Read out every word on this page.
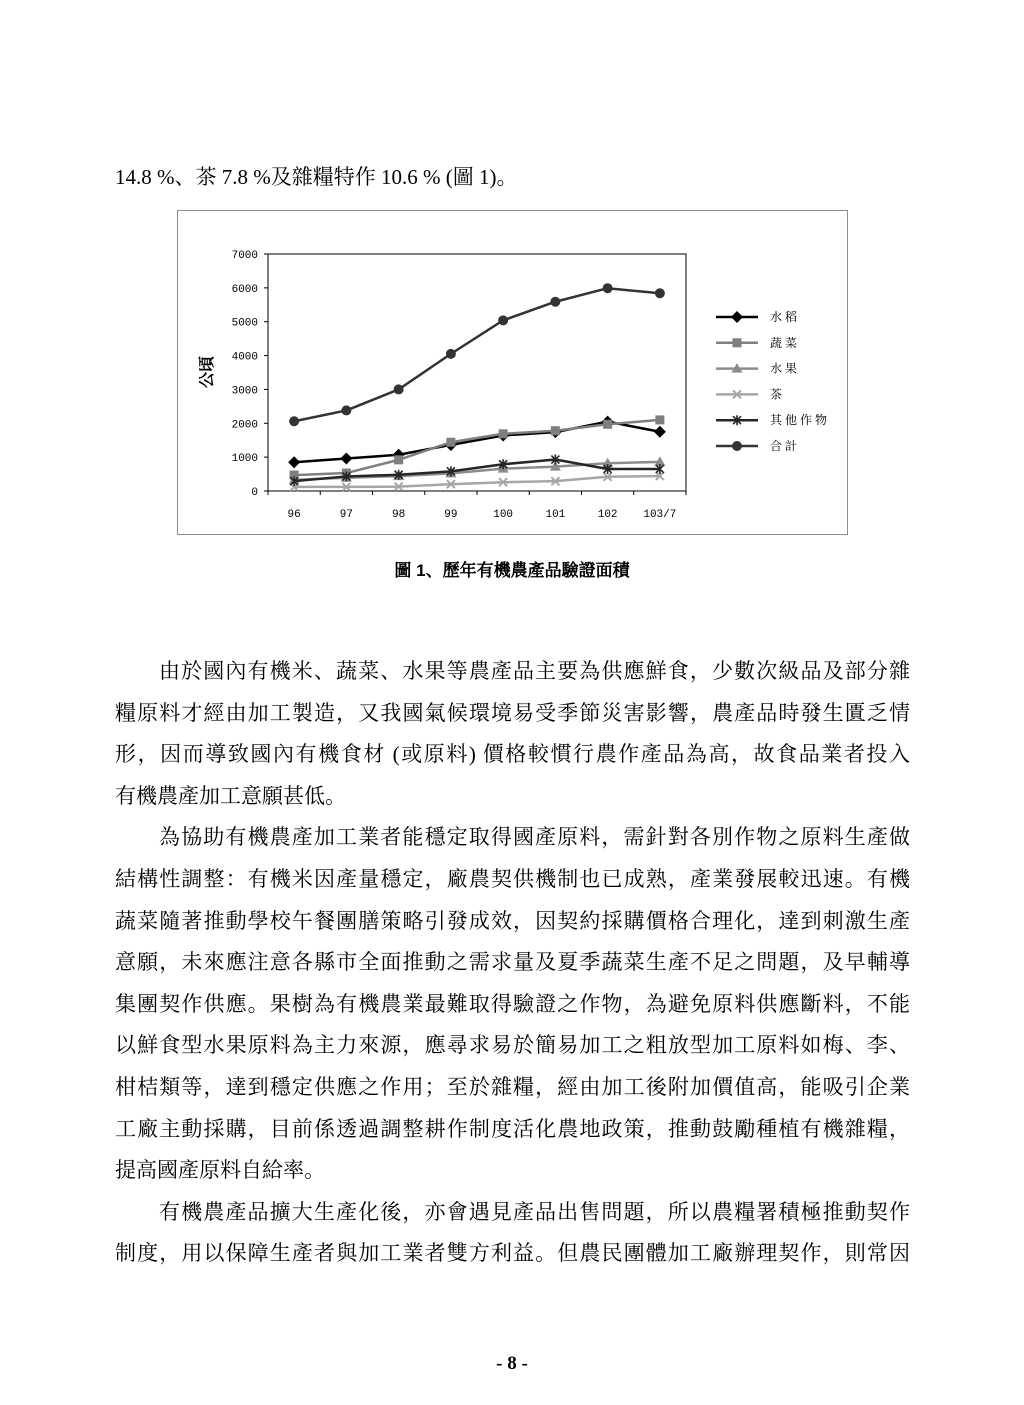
14.8 %、茶 7.8 %及雜糧特作 10.6 % (圖 1)。
0
1000
2000
3000
4000
5000
6000
7000
96	97	98	99	100	101	102 103/7
公頃
水稻
蔬菜
水果
茶
其他作物
合計
圖 1、歷年有機農產品驗證面積
由於國內有機米、蔬菜、水果等農產品主要為供應鮮食，少數次級品及部分雜
糧原料才經由加工製造，又我國氣候環境易受季節災害影響，農產品時發生匱乏情
形，因而導致國內有機食材 (或原料) 價格較慣行農作產品為高，故食品業者投入
有機農產加工意願甚低。
為協助有機農產加工業者能穩定取得國產原料，需針對各別作物之原料生產做
結構性調整：有機米因產量穩定，廠農契供機制也已成熟，產業發展較迅速。有機
蔬菜隨著推動學校午餐團膳策略引發成效，因契約採購價格合理化，達到刺激生產
意願，未來應注意各縣市全面推動之需求量及夏季蔬菜生產不足之問題，及早輔導
集團契作供應。果樹為有機農業最難取得驗證之作物，為避免原料供應斷料，不能
以鮮食型水果原料為主力來源，應尋求易於簡易加工之粗放型加工原料如梅、李、
柑桔類等，達到穩定供應之作用；至於雜糧，經由加工後附加價值高，能吸引企業
工廠主動採購，目前係透過調整耕作制度活化農地政策，推動鼓勵種植有機雜糧，
提高國產原料自給率。
有機農產品擴大生產化後，亦會遇見產品出售問題，所以農糧署積極推動契作
制度，用以保障生產者與加工業者雙方利益。但農民團體加工廠辦理契作，則常因
- 8 -
